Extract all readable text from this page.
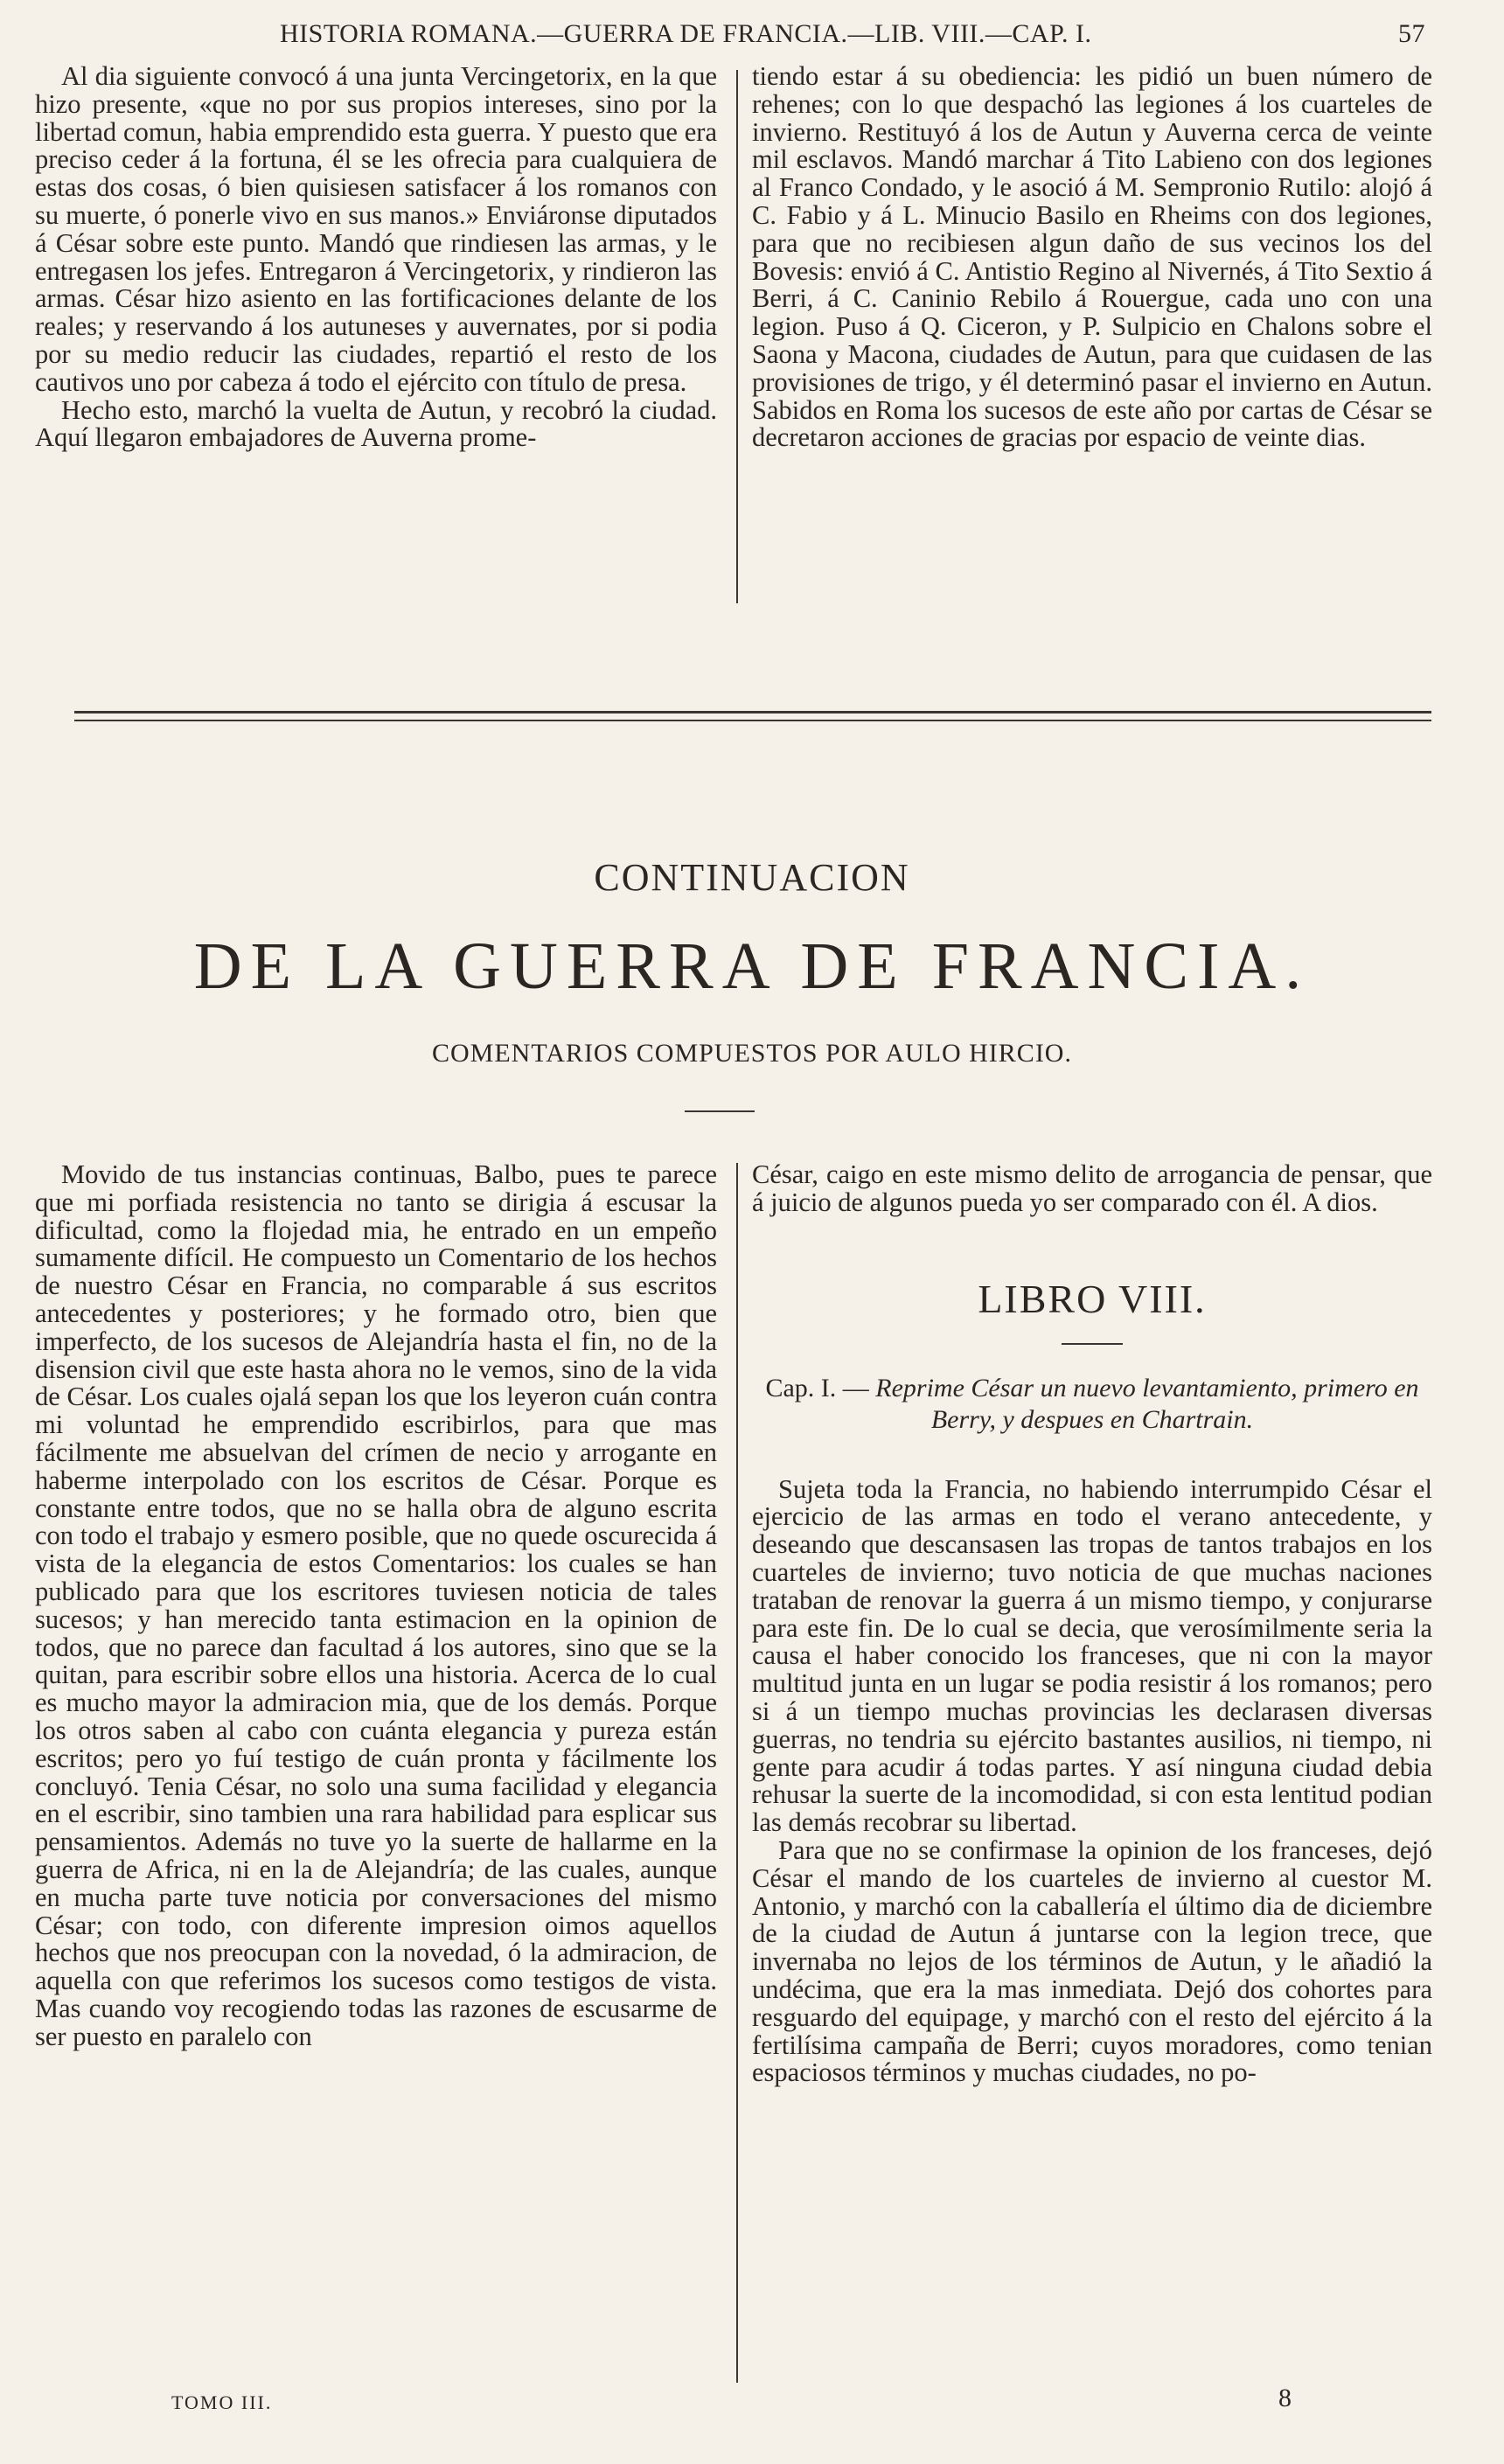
HISTORIA ROMANA.—GUERRA DE FRANCIA.—LIB. VIII.—CAP. I.	57

Al dia siguiente convocó á una junta Vercingetorix, en la que hizo presente, «que no por sus propios intereses, sino por la libertad comun, habia emprendido esta guerra. Y puesto que era preciso ceder á la fortuna, él se les ofrecia para cualquiera de estas dos cosas, ó bien quisiesen satisfacer á los romanos con su muerte, ó ponerle vivo en sus manos.» Enviáronse diputados á César sobre este punto. Mandó que rindiesen las armas, y le entregasen los jefes. Entregaron á Vercingetorix, y rindieron las armas. César hizo asiento en las fortificaciones delante de los reales; y reservando á los autuneses y auvernates, por si podia por su medio reducir las ciudades, repartió el resto de los cautivos uno por cabeza á todo el ejército con título de presa.

Hecho esto, marchó la vuelta de Autun, y recobró la ciudad. Aquí llegaron embajadores de Auverna prome-

tiendo estar á su obediencia: les pidió un buen número de rehenes; con lo que despachó las legiones á los cuarteles de invierno. Restituyó á los de Autun y Auverna cerca de veinte mil esclavos. Mandó marchar á Tito Labieno con dos legiones al Franco Condado, y le asoció á M. Sempronio Rutilo: alojó á C. Fabio y á L. Minucio Basilo en Rheims con dos legiones, para que no recibiesen algun daño de sus vecinos los del Bovesis: envió á C. Antistio Regino al Nivernés, á Tito Sextio á Berri, á C. Caninio Rebilo á Rouergue, cada uno con una legion. Puso á Q. Ciceron, y P. Sulpicio en Chalons sobre el Saona y Macona, ciudades de Autun, para que cuidasen de las provisiones de trigo, y él determinó pasar el invierno en Autun. Sabidos en Roma los sucesos de este año por cartas de César se decretaron acciones de gracias por espacio de veinte dias.

CONTINUACION
DE LA GUERRA DE FRANCIA.
COMENTARIOS COMPUESTOS POR AULO HIRCIO.

Movido de tus instancias continuas, Balbo, pues te parece que mi porfiada resistencia no tanto se dirigia á escusar la dificultad, como la flojedad mia, he entrado en un empeño sumamente difícil. He compuesto un Comentario de los hechos de nuestro César en Francia, no comparable á sus escritos antecedentes y posteriores; y he formado otro, bien que imperfecto, de los sucesos de Alejandría hasta el fin, no de la disension civil que este hasta ahora no le vemos, sino de la vida de César. Los cuales ojalá sepan los que los leyeron cuán contra mi voluntad he emprendido escribirlos, para que mas fácilmente me absuelvan del crímen de necio y arrogante en haberme interpolado con los escritos de César. Porque es constante entre todos, que no se halla obra de alguno escrita con todo el trabajo y esmero posible, que no quede oscurecida á vista de la elegancia de estos Comentarios: los cuales se han publicado para que los escritores tuviesen noticia de tales sucesos; y han merecido tanta estimacion en la opinion de todos, que no parece dan facultad á los autores, sino que se la quitan, para escribir sobre ellos una historia. Acerca de lo cual es mucho mayor la admiracion mia, que de los demás. Porque los otros saben al cabo con cuánta elegancia y pureza están escritos; pero yo fuí testigo de cuán pronta y fácilmente los concluyó. Tenia César, no solo una suma facilidad y elegancia en el escribir, sino tambien una rara habilidad para esplicar sus pensamientos. Además no tuve yo la suerte de hallarme en la guerra de Africa, ni en la de Alejandría; de las cuales, aunque en mucha parte tuve noticia por conversaciones del mismo César; con todo, con diferente impresion oimos aquellos hechos que nos preocupan con la novedad, ó la admiracion, de aquella con que referimos los sucesos como testigos de vista. Mas cuando voy recogiendo todas las razones de escusarme de ser puesto en paralelo con

César, caigo en este mismo delito de arrogancia de pensar, que á juicio de algunos pueda yo ser comparado con él. A dios.

LIBRO VIII.
Cap. I. — Reprime César un nuevo levantamiento, primero en Berry, y despues en Chartrain.

Sujeta toda la Francia, no habiendo interrumpido César el ejercicio de las armas en todo el verano antecedente, y deseando que descansasen las tropas de tantos trabajos en los cuarteles de invierno; tuvo noticia de que muchas naciones trataban de renovar la guerra á un mismo tiempo, y conjurarse para este fin. De lo cual se decia, que verosímilmente seria la causa el haber conocido los franceses, que ni con la mayor multitud junta en un lugar se podia resistir á los romanos; pero si á un tiempo muchas provincias les declarasen diversas guerras, no tendria su ejército bastantes ausilios, ni tiempo, ni gente para acudir á todas partes. Y así ninguna ciudad debia rehusar la suerte de la incomodidad, si con esta lentitud podian las demás recobrar su libertad.

Para que no se confirmase la opinion de los franceses, dejó César el mando de los cuarteles de invierno al cuestor M. Antonio, y marchó con la caballería el último dia de diciembre de la ciudad de Autun á juntarse con la legion trece, que invernaba no lejos de los términos de Autun, y le añadió la undécima, que era la mas inmediata. Dejó dos cohortes para resguardo del equipage, y marchó con el resto del ejército á la fertilísima campaña de Berri; cuyos moradores, como tenian espaciosos términos y muchas ciudades, no po-

TOMO III.	8
